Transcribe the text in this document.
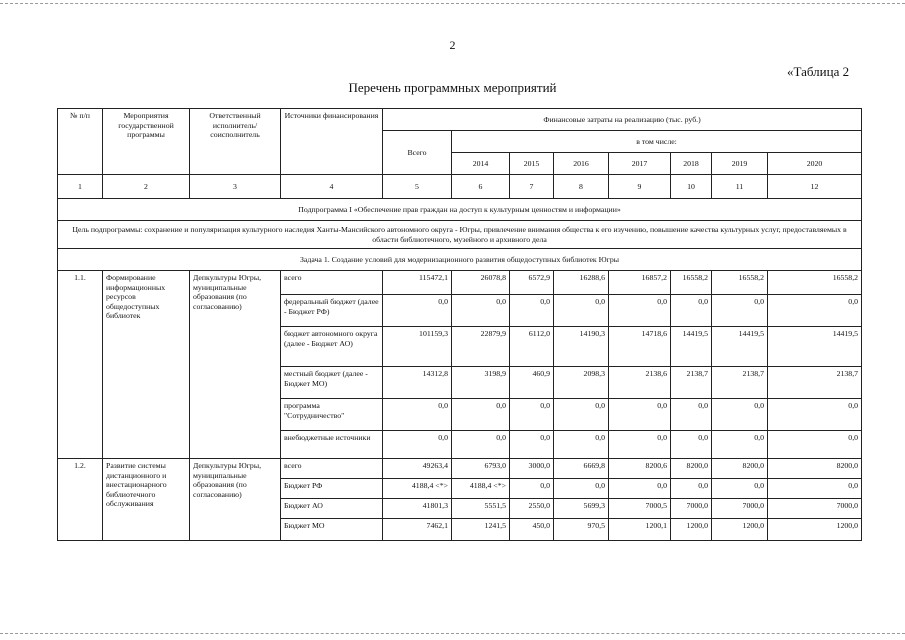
2
«Таблица 2
Перечень программных мероприятий
№ п/п	Мероприятия государственной программы	Ответственный исполнитель/соисполнитель	Источники финансирования	Финансовые затраты на реализацию (тыс. руб.)							
				Всего	в том числе:						
					2014	2015	2016	2017	2018	2019	2020
1	2	3	4	5	6	7	8	9	10	11	12
Подпрограмма I «Обеспечение прав граждан на доступ к культурным ценностям и информации»											
Цель подпрограммы: сохранение и популяризация культурного наследия Ханты-Мансийского автономного округа - Югры, привлечение внимания общества к его изучению, повышение качества культурных услуг, предоставляемых в области библиотечного, музейного и архивного дела											
Задача 1. Создание условий для модернизационного развития общедоступных библиотек Югры											
1.1.	Формирование информационных ресурсов общедоступных библиотек	Депкультуры Югры, муниципальные образования (по согласованию)	всего	115472,1	26078,8	6572,9	16288,6	16857,2	16558,2	16558,2	16558,2
			федеральный бюджет (далее - Бюджет РФ)	0,0	0,0	0,0	0,0	0,0	0,0	0,0	0,0
			бюджет автономного округа (далее - Бюджет АО)	101159,3	22879,9	6112,0	14190,3	14718,6	14419,5	14419,5	14419,5
			местный бюджет (далее - Бюджет МО)	14312,8	3198,9	460,9	2098,3	2138,6	2138,7	2138,7	2138,7
			программа "Сотрудничество"	0,0	0,0	0,0	0,0	0,0	0,0	0,0	0,0
			внебюджетные источники	0,0	0,0	0,0	0,0	0,0	0,0	0,0	0,0
1.2.	Развитие системы дистанционного и внестационарного библиотечного обслуживания	Депкультуры Югры, муниципальные образования (по согласованию)	всего	49263,4	6793,0	3000,0	6669,8	8200,6	8200,0	8200,0	8200,0
			Бюджет РФ	4188,4 <*>	4188,4 <*>	0,0	0,0	0,0	0,0	0,0	0,0
			Бюджет АО	41801,3	5551,5	2550,0	5699,3	7000,5	7000,0	7000,0	7000,0
			Бюджет МО	7462,1	1241,5	450,0	970,5	1200,1	1200,0	1200,0	1200,0
